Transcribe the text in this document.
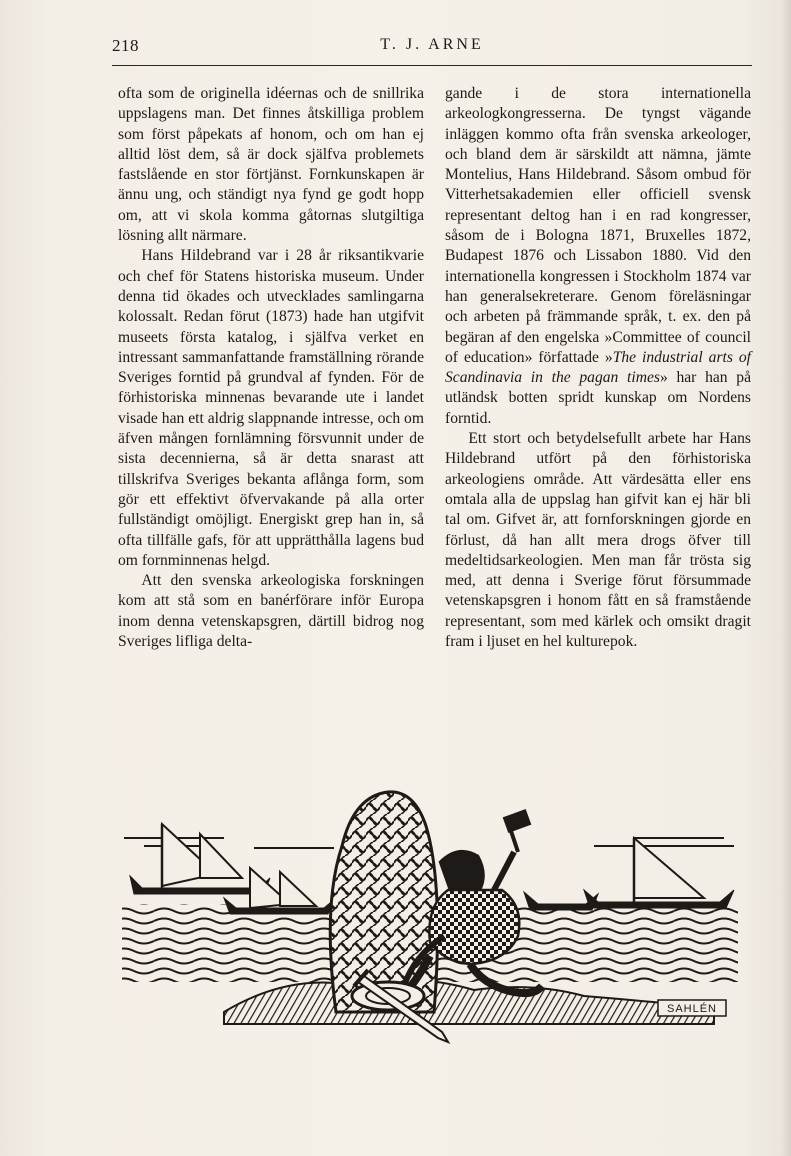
218	T. J. ARNE

ofta som de originella idéernas och de snillrika uppslagens man. Det finnes åtskilliga problem som först påpekats af honom, och om han ej alltid löst dem, så är dock själfva problemets fastslående en stor förtjänst. Fornkunskapen är ännu ung, och ständigt nya fynd ge godt hopp om, att vi skola komma gåtornas slutgiltiga lösning allt närmare.

Hans Hildebrand var i 28 år riksantikvarie och chef för Statens historiska museum. Under denna tid ökades och utvecklades samlingarna kolossalt. Redan förut (1873) hade han utgifvit museets första katalog, i själfva verket en intressant sammanfattande framställning rörande Sveriges forntid på grundval af fynden. För de förhistoriska minnenas bevarande ute i landet visade han ett aldrig slappnande intresse, och om äfven mången fornlämning försvunnit under de sista decennierna, så är detta snarast att tillskrifva Sveriges bekanta aflånga form, som gör ett effektivt öfvervakande på alla orter fullständigt omöjligt. Energiskt grep han in, så ofta tillfälle gafs, för att upprätthålla lagens bud om fornminnenas helgd.

Att den svenska arkeologiska forskningen kom att stå som en banérförare inför Europa inom denna vetenskapsgren, därtill bidrog nog Sveriges lifliga delta-

gande i de stora internationella arkeologkongresserna. De tyngst vägande inläggen kommo ofta från svenska arkeologer, och bland dem är särskildt att nämna, jämte Montelius, Hans Hildebrand. Såsom ombud för Vitterhetsakademien eller officiell svensk representant deltog han i en rad kongresser, såsom de i Bologna 1871, Bruxelles 1872, Budapest 1876 och Lissabon 1880. Vid den internationella kongressen i Stockholm 1874 var han generalsekreterare. Genom föreläsningar och arbeten på främmande språk, t. ex. den på begäran af den engelska »Committee of council of education» författade »The industrial arts of Scandinavia in the pagan times» har han på utländsk botten spridt kunskap om Nordens forntid.

Ett stort och betydelsefullt arbete har Hans Hildebrand utfört på den förhistoriska arkeologiens område. Att värdesätta eller ens omtala alla de uppslag han gifvit kan ej här bli tal om. Gifvet är, att fornforskningen gjorde en förlust, då han allt mera drogs öfver till medeltidsarkeologien. Men man får trösta sig med, att denna i Sverige förut försummade vetenskapsgren i honom fått en så framstående representant, som med kärlek och omsikt dragit fram i ljuset en hel kulturepok.

SAHLÉN
